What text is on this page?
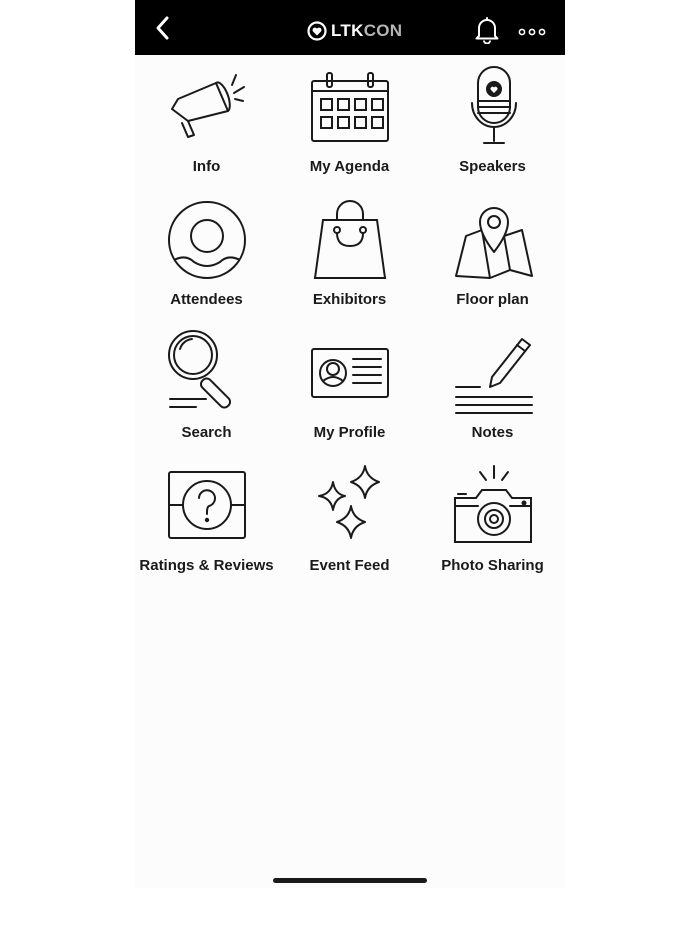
LTKCON
Info	My Agenda	Speakers
Attendees	Exhibitors	Floor plan
Search	My Profile	Notes
Ratings & Reviews	Event Feed	Photo Sharing
